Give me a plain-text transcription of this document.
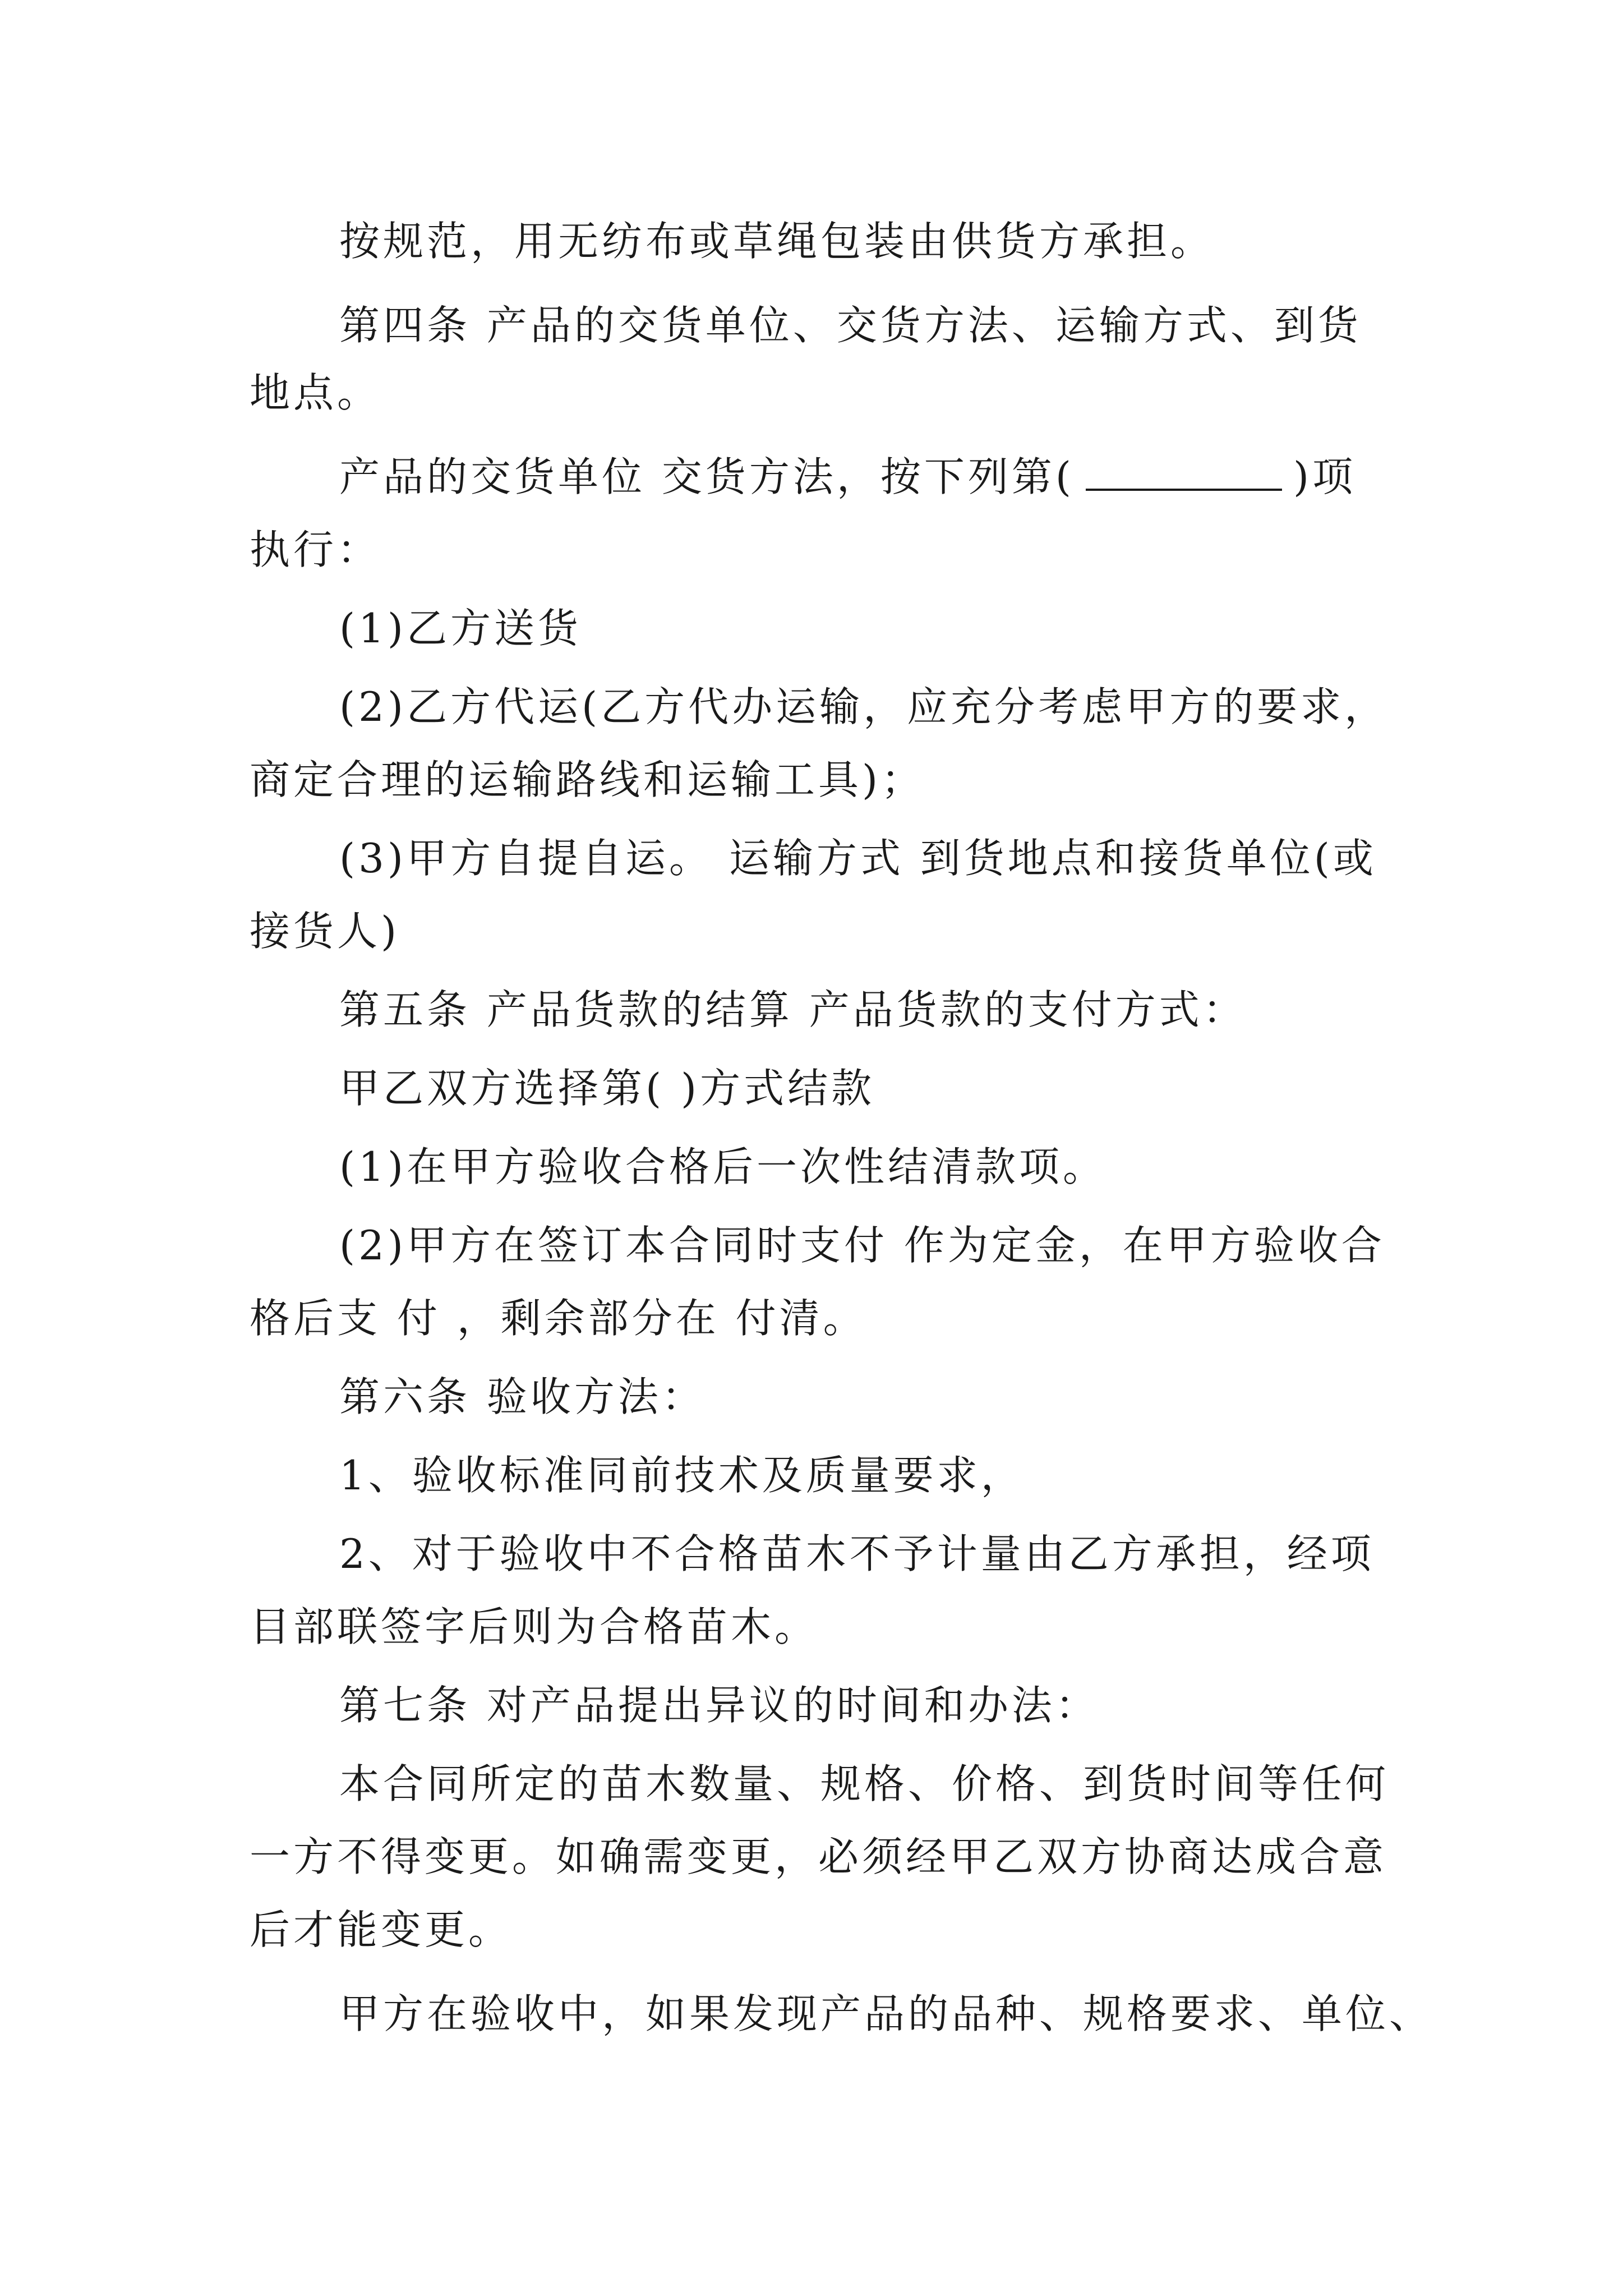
按规范，用无纺布或草绳包装由供货方承担。
第四条 产品的交货单位、交货方法、运输方式、到货
地点。
产品的交货单位 交货方法，按下列第(	)项
执行：
(1)乙方送货
(2)乙方代运(乙方代办运输，应充分考虑甲方的要求，
商定合理的运输路线和运输工具)；
(3)甲方自提自运。 运输方式 到货地点和接货单位(或
接货人)
第五条 产品货款的结算 产品货款的支付方式：
甲乙双方选择第( )方式结款
(1)在甲方验收合格后一次性结清款项。
(2)甲方在签订本合同时支付 作为定金，在甲方验收合
格后支 付 ，剩余部分在 付清。
第六条 验收方法：
1、验收标准同前技术及质量要求，
2、对于验收中不合格苗木不予计量由乙方承担，经项
目部联签字后则为合格苗木。
第七条 对产品提出异议的时间和办法：
本合同所定的苗木数量、规格、价格、到货时间等任何
一方不得变更。如确需变更，必须经甲乙双方协商达成合意
后才能变更。
甲方在验收中，如果发现产品的品种、规格要求、单位、
